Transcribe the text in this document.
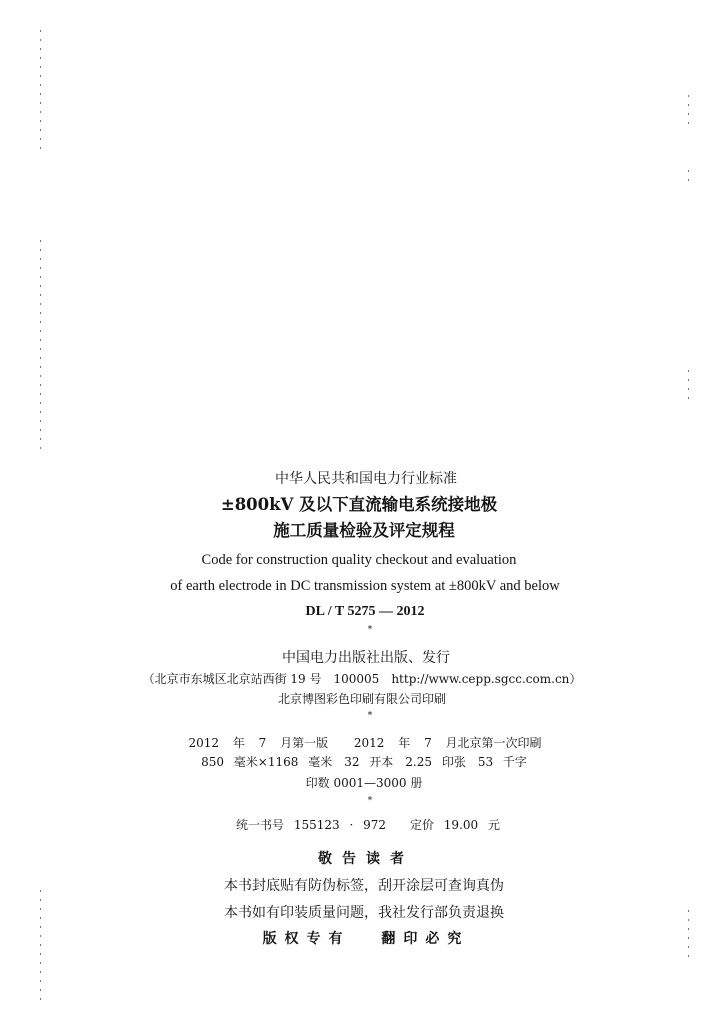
中华人民共和国电力行业标准
±800kV 及以下直流输电系统接地极
施工质量检验及评定规程
Code for construction quality checkout and evaluation
of earth electrode in DC transmission system at ±800kV and below
DL / T 5275 — 2012
*
中国电力出版社出版、发行
（北京市东城区北京站西街 19 号　100005　http://www.cepp.sgcc.com.cn）
北京博图彩色印刷有限公司印刷
*
2012 年 7 月第一版　 2012 年 7 月北京第一次印刷
850 毫米×1168 毫米　32 开本　2.25 印张　53 千字
印数 0001—3000 册
*
统一书号 155123 · 972　　定价 19.00 元
敬告读者
本书封底贴有防伪标签，刮开涂层可查询真伪
本书如有印装质量问题，我社发行部负责退换
版权专有 翻印必究
